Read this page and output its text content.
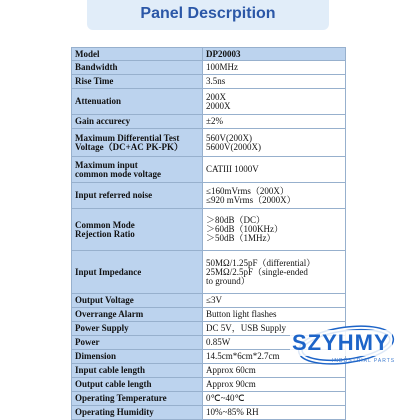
Panel Descrpition
Model	DP20003

Bandwidth	100MHz

Rise Time	3.5ns

Attenuation	200X
2000X

Gain accurecy	±2%

Maximum Differential Test
Voltage（DC+AC PK-PK）	560V(200X)
5600V(2000X)

Maximum input
common mode voltage	CATIII 1000V

Input referred noise	≤160mVrms（200X）
≤920 mVrms（2000X）

Common Mode
Rejection Ratio	＞80dB（DC）
＞60dB（100KHz）
＞50dB（1MHz）

Input Impedance	50MΩ/1.25pF（differential）
25MΩ/2.5pF（single-ended
to ground）

Output Voltage	≤3V

Overrange Alarm	Button light flashes

Power Supply	DC 5V，USB Supply

Power	0.85W

Dimension	14.5cm*6cm*2.7cm

Input cable length	Approx 60cm

Output cable length	Approx 90cm

Operating Temperature	0℃~40℃

Operating Humidity	10%~85% RH
SZYHMY
INDUSTRIAL PARTS
